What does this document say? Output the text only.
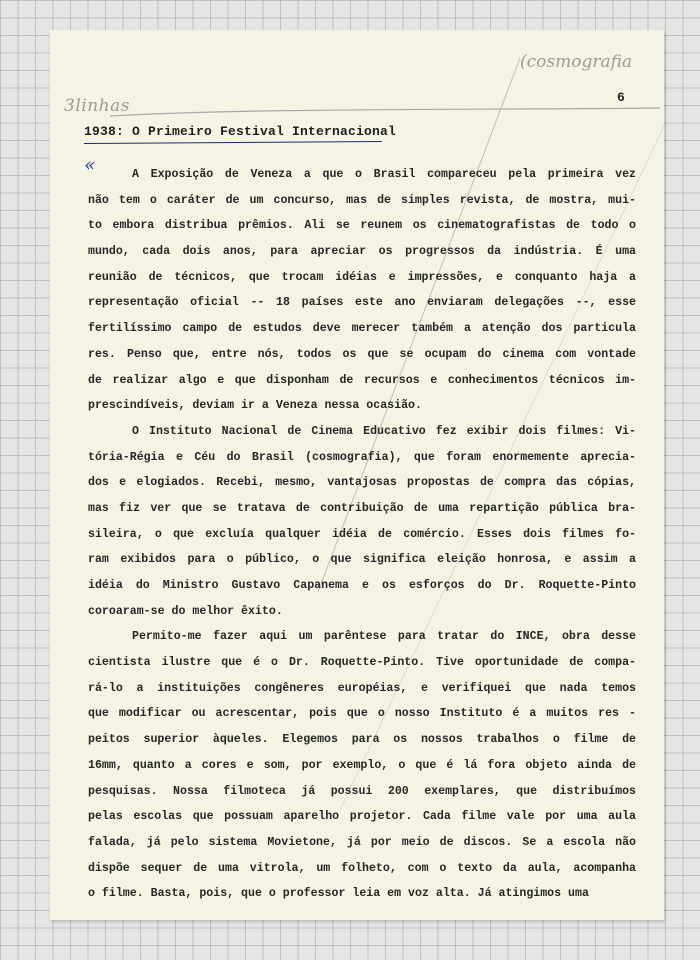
3linhas
(cosmografia
6
1938: O Primeiro Festival Internacional
«	A Exposição de Veneza a que o Brasil compareceu pela primeira vez
não tem o caráter de um concurso, mas de simples revista, de mostra, mui-
to embora distribua prêmios. Ali se reunem os cinematografistas de todo o
mundo, cada dois anos, para apreciar os progressos da indústria. É uma
reunião de técnicos, que trocam idéias e impressões, e conquanto haja a
representação oficial -- 18 países este ano enviaram delegações --, esse
fertilíssimo campo de estudos deve merecer também a atenção dos particula
res. Penso que, entre nós, todos os que se ocupam do cinema com vontade
de realizar algo e que disponham de recursos e conhecimentos técnicos im-
prescindíveis, deviam ir a Veneza nessa ocasião.

O Instituto Nacional de Cinema Educativo fez exibir dois filmes: Vi-
tória-Régia e Céu do Brasil (cosmografia), que foram enormemente aprecia-
dos e elogiados. Recebi, mesmo, vantajosas propostas de compra das cópias,
mas fiz ver que se tratava de contribuição de uma repartição pública bra-
sileira, o que excluía qualquer idéia de comércio. Esses dois filmes fo-
ram exibidos para o público, o que significa eleição honrosa, e assim a
idéia do Ministro Gustavo Capanema e os esforços do Dr. Roquette-Pinto
coroaram-se do melhor êxito.

Permito-me fazer aqui um parêntese para tratar do INCE, obra desse
cientista ilustre que é o Dr. Roquette-Pinto. Tive oportunidade de compa-
rá-lo a instituições congêneres européias, e verifiquei que nada temos
que modificar ou acrescentar, pois que o nosso Instituto é a muitos res -
peitos superior àqueles. Elegemos para os nossos trabalhos o filme de
16mm, quanto a cores e som, por exemplo, o que é lá fora objeto ainda de
pesquisas. Nossa filmoteca já possui 200 exemplares, que distribuímos
pelas escolas que possuam aparelho projetor. Cada filme vale por uma aula
falada, já pelo sistema Movietone, já por meio de discos. Se a escola não
dispõe sequer de uma vitrola, um folheto, com o texto da aula, acompanha
o filme. Basta, pois, que o professor leia em voz alta. Já atingimos uma
